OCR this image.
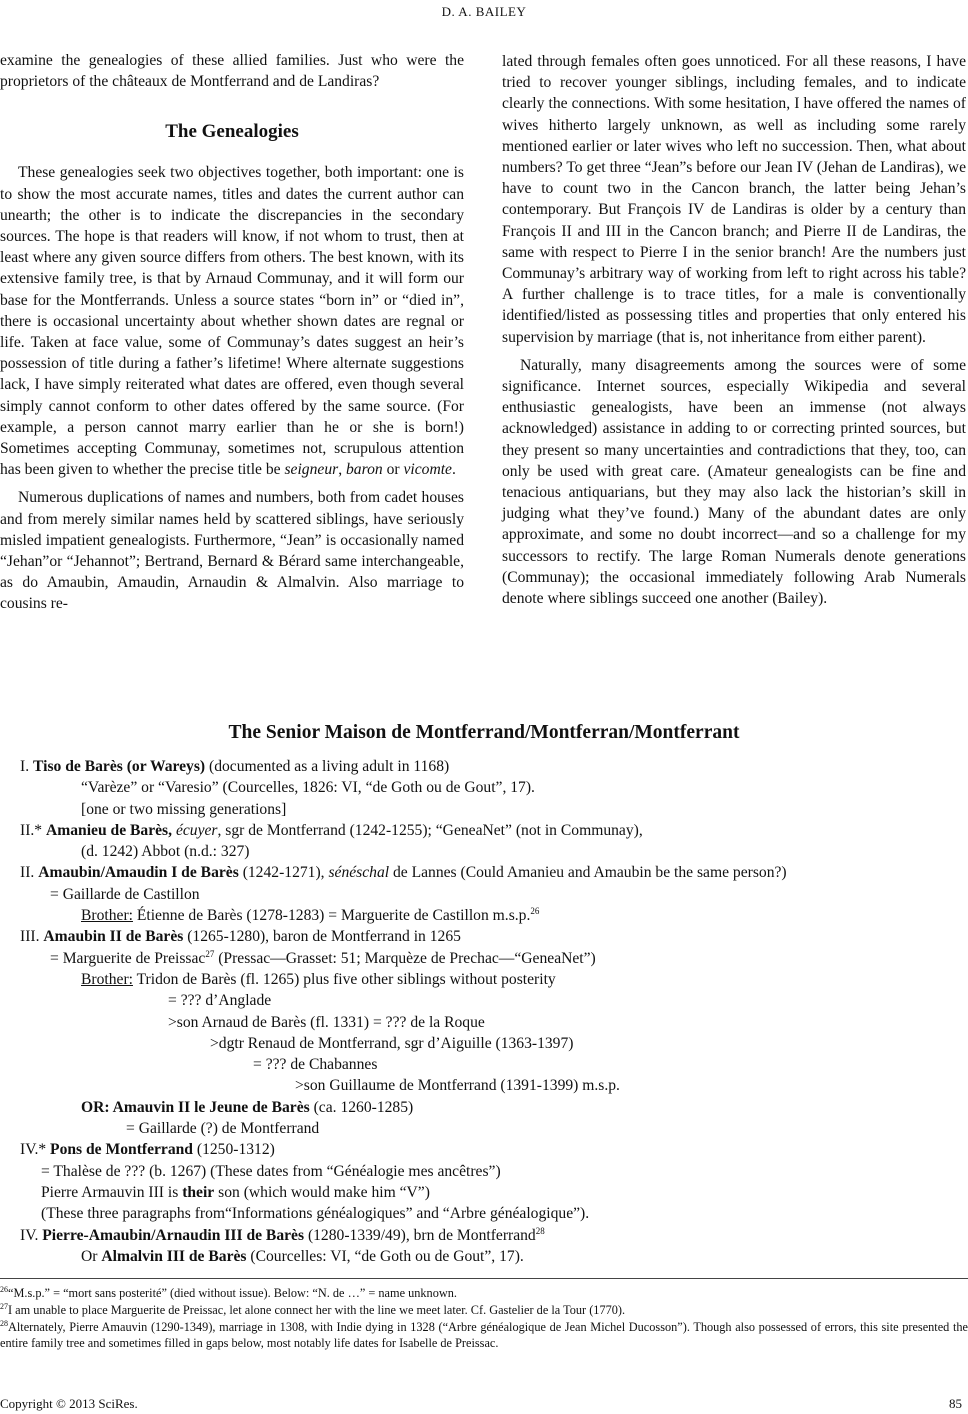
D. A. BAILEY

examine the genealogies of these allied families. Just who were the proprietors of the châteaux de Montferrand and de Landiras?

The Genealogies

These genealogies seek two objectives together, both important: one is to show the most accurate names, titles and dates the current author can unearth; the other is to indicate the discrepancies in the secondary sources. The hope is that readers will know, if not whom to trust, then at least where any given source differs from others. The best known, with its extensive family tree, is that by Arnaud Communay, and it will form our base for the Montferrands. Unless a source states “born in” or “died in”, there is occasional uncertainty about whether shown dates are regnal or life. Taken at face value, some of Communay’s dates suggest an heir’s possession of title during a father’s lifetime! Where alternate suggestions lack, I have simply reiterated what dates are offered, even though several simply cannot conform to other dates offered by the same source. (For example, a person cannot marry earlier than he or she is born!) Sometimes accepting Communay, sometimes not, scrupulous attention has been given to whether the precise title be seigneur, baron or vicomte.

Numerous duplications of names and numbers, both from cadet houses and from merely similar names held by scattered siblings, have seriously misled impatient genealogists. Furthermore, “Jean” is occasionally named “Jehan”or “Jehannot”; Bertrand, Bernard & Bérard same interchangeable, as do Amaubin, Amaudin, Arnaudin & Almalvin. Also marriage to cousins re-

lated through females often goes unnoticed. For all these reasons, I have tried to recover younger siblings, including females, and to indicate clearly the connections. With some hesitation, I have offered the names of wives hitherto largely unknown, as well as including some rarely mentioned earlier or later wives who left no succession. Then, what about numbers? To get three “Jean”s before our Jean IV (Jehan de Landiras), we have to count two in the Cancon branch, the latter being Jehan’s contemporary. But François IV de Landiras is older by a century than François II and III in the Cancon branch; and Pierre II de Landiras, the same with respect to Pierre I in the senior branch! Are the numbers just Communay’s arbitrary way of working from left to right across his table?A further challenge is to trace titles, for a male is conventionally identified/listed as possessing titles and properties that only entered his supervision by marriage (that is, not inheritance from either parent).

Naturally, many disagreements among the sources were of some significance. Internet sources, especially Wikipedia and several enthusiastic genealogists, have been an immense (not always acknowledged) assistance in adding to or correcting printed sources, but they present so many uncertainties and contradictions that they, too, can only be used with great care. (Amateur genealogists can be fine and tenacious antiquarians, but they may also lack the historian’s skill in judging what they’ve found.) Many of the abundant dates are only approximate, and some no doubt incorrect—and so a challenge for my successors to rectify. The large Roman Numerals denote generations (Communay); the occasional immediately following Arab Numerals denote where siblings succeed one another (Bailey).

The Senior Maison de Montferrand/Montferran/Montferrant
I. Tiso de Barès (or Wareys) (documented as a living adult in 1168)
“Varèze” or “Varesio” (Courcelles, 1826: VI, “de Goth ou de Gout”, 17).
[one or two missing generations]
II.* Amanieu de Barès, écuyer, sgr de Montferrand (1242-1255); “GeneaNet” (not in Communay),
(d. 1242) Abbot (n.d.: 327)
II. Amaubin/Amaudin I de Barès (1242-1271), sénéschal de Lannes (Could Amanieu and Amaubin be the same person?)
= Gaillarde de Castillon
Brother: Étienne de Barès (1278-1283) = Marguerite de Castillon m.s.p.$^{26}$
III. Amaubin II de Barès (1265-1280), baron de Montferrand in 1265
= Marguerite de Preissac$^{27}$ (Pressac—Grasset: 51; Marquèze de Prechac—“GeneaNet”)
Brother: Tridon de Barès (fl. 1265) plus five other siblings without posterity
= ??? d’Anglade
>son Arnaud de Barès (fl. 1331) = ??? de la Roque
>dgtr Renaud de Montferrand, sgr d’Aiguille (1363-1397)
= ??? de Chabannes
>son Guillaume de Montferrand (1391-1399) m.s.p.
OR: Amauvin II le Jeune de Barès (ca. 1260-1285)
= Gaillarde (?) de Montferrand
IV.* Pons de Montferrand (1250-1312)
= Thalèse de ??? (b. 1267) (These dates from “Généalogie mes ancêtres”)
Pierre Armauvin III is their son (which would make him “V”)
(These three paragraphs from“Informations généalogiques” and “Arbre généalogique”).
IV. Pierre-Amaubin/Arnaudin III de Barès (1280-1339/49), brn de Montferrand$^{28}$
Or Almalvin III de Barès (Courcelles: VI, “de Goth ou de Gout”, 17).
$^{26}$“M.s.p.” = “mort sans posterité” (died without issue). Below: “N. de …” = name unknown.
$^{27}$I am unable to place Marguerite de Preissac, let alone connect her with the line we meet later. Cf. Gastelier de la Tour (1770).
$^{28}$Alternately, Pierre Amauvin (1290-1349), marriage in 1308, with Indie dying in 1328 (“Arbre généalogique de Jean Michel Ducosson”). Though also possessed of errors, this site presented the entire family tree and sometimes filled in gaps below, most notably life dates for Isabelle de Preissac.
Copyright © 2013 SciRes.	85
